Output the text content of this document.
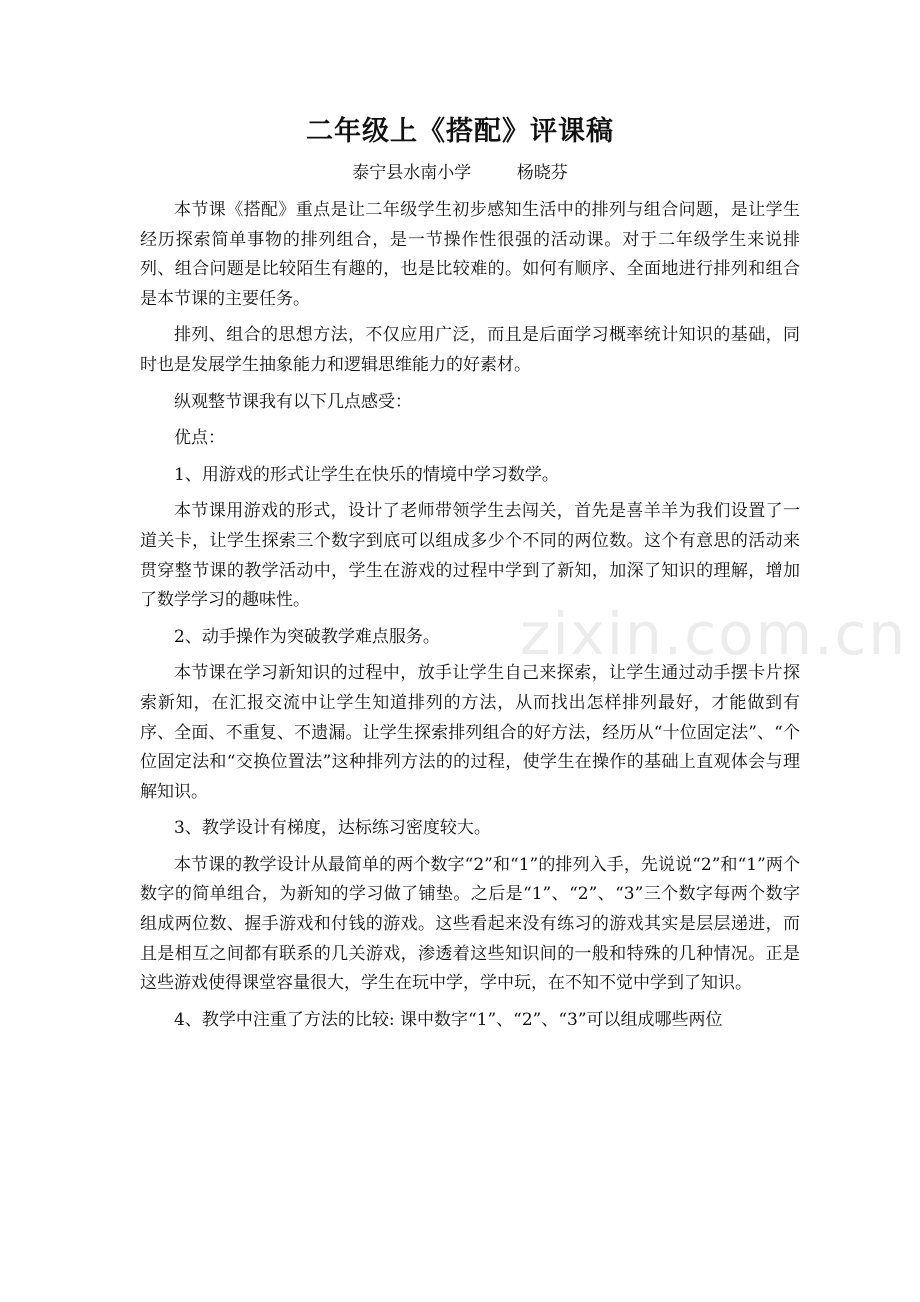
二年级上《搭配》评课稿
泰宁县水南小学	杨晓芬

本节课《搭配》重点是让二年级学生初步感知生活中的排列与组合问题，是让学生经历探索简单事物的排列组合，是一节操作性很强的活动课。对于二年级学生来说排列、组合问题是比较陌生有趣的，也是比较难的。如何有顺序、全面地进行排列和组合是本节课的主要任务。

排列、组合的思想方法，不仅应用广泛，而且是后面学习概率统计知识的基础，同时也是发展学生抽象能力和逻辑思维能力的好素材。

纵观整节课我有以下几点感受：

优点：

1、用游戏的形式让学生在快乐的情境中学习数学。

本节课用游戏的形式，设计了老师带领学生去闯关，首先是喜羊羊为我们设置了一道关卡，让学生探索三个数字到底可以组成多少个不同的两位数。这个有意思的活动来贯穿整节课的教学活动中，学生在游戏的过程中学到了新知，加深了知识的理解，增加了数学学习的趣味性。

2、动手操作为突破教学难点服务。

本节课在学习新知识的过程中，放手让学生自己来探索，让学生通过动手摆卡片探索新知，在汇报交流中让学生知道排列的方法，从而找出怎样排列最好，才能做到有序、全面、不重复、不遗漏。让学生探索排列组合的好方法，经历从“十位固定法”、“个位固定法和“交换位置法”这种排列方法的的过程，使学生在操作的基础上直观体会与理解知识。

3、教学设计有梯度，达标练习密度较大。

本节课的教学设计从最简单的两个数字“2”和“1”的排列入手，先说说“2”和“1”两个数字的简单组合，为新知的学习做了铺垫。之后是“1”、“2”、“3”三个数字每两个数字组成两位数、握手游戏和付钱的游戏。这些看起来没有练习的游戏其实是层层递进，而且是相互之间都有联系的几关游戏，渗透着这些知识间的一般和特殊的几种情况。正是这些游戏使得课堂容量很大，学生在玩中学，学中玩，在不知不觉中学到了知识。

4、教学中注重了方法的比较: 课中数字“1”、“2”、“3”可以组成哪些两位

zixin.com.cn
